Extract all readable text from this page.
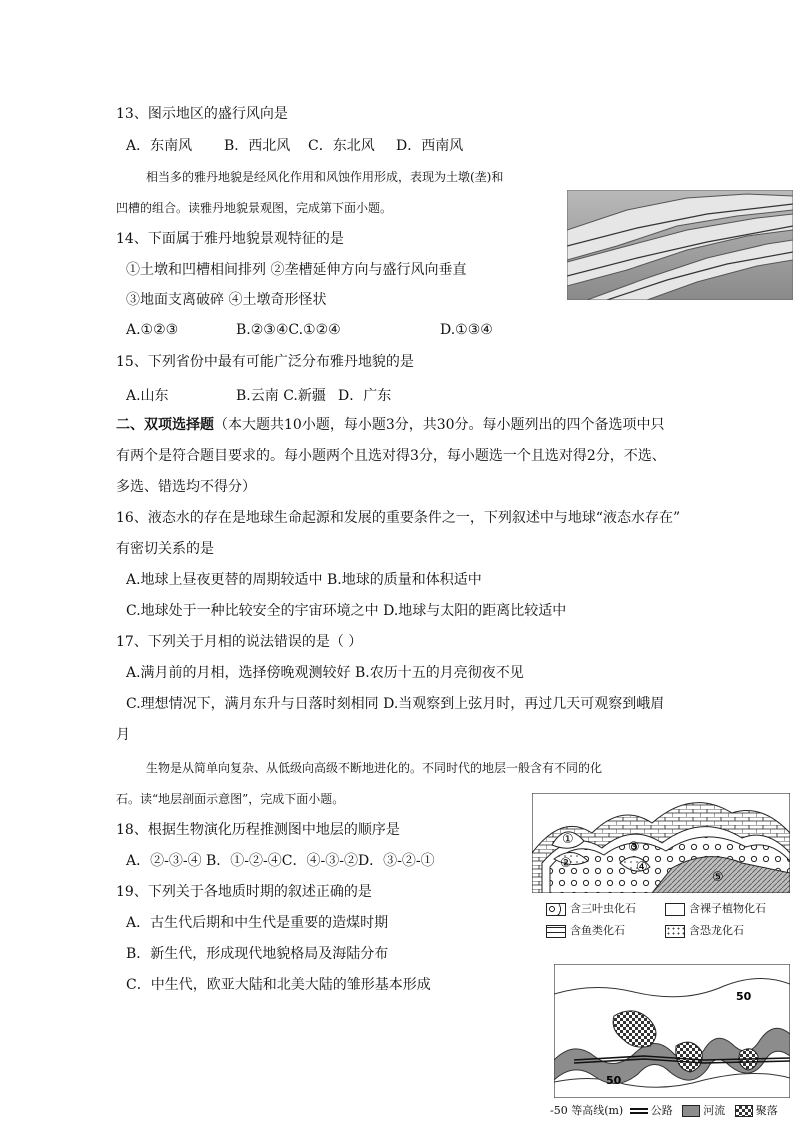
13、图示地区的盛行风向是
A．东南风 B．西北风 C．东北风 D．西南风
相当多的雅丹地貌是经风化作用和风蚀作用形成，表现为土墩(垄)和
凹槽的组合。读雅丹地貌景观图，完成第下面小题。
14、下面属于雅丹地貌景观特征的是
①土墩和凹槽相间排列 ②垄槽延伸方向与盛行风向垂直
③地面支离破碎 ④土墩奇形怪状
A.①②③	B.②③④C.①②④	D.①③④
15、下列省份中最有可能广泛分布雅丹地貌的是
A.山东	B.云南 C.新疆 D．广东
二、双项选择题（本大题共10小题，每小题3分，共30分。每小题列出的四个备选项中只
有两个是符合题目要求的。每小题两个且选对得3分，每小题选一个且选对得2分，不选、
多选、错选均不得分）
16、液态水的存在是地球生命起源和发展的重要条件之一，下列叙述中与地球“液态水存在”
有密切关系的是
A.地球上昼夜更替的周期较适中 B.地球的质量和体积适中
C.地球处于一种比较安全的宇宙环境之中 D.地球与太阳的距离比较适中
17、下列关于月相的说法错误的是（ ）
A.满月前的月相，选择傍晚观测较好 B.农历十五的月亮彻夜不见
C.理想情况下，满月东升与日落时刻相同 D.当观察到上弦月时，再过几天可观察到峨眉
月
生物是从简单向复杂、从低级向高级不断地进化的。不同时代的地层一般含有不同的化
石。读“地层剖面示意图”，完成下面小题。
18、根据生物演化历程推测图中地层的顺序是
A．②-③-④ B．①-②-④C．④-③-②D．③-②-①
19、下列关于各地质时期的叙述正确的是
A．古生代后期和中生代是重要的造煤时期
B．新生代，形成现代地貌格局及海陆分布
C．中生代，欧亚大陆和北美大陆的雏形基本形成
①
②
③
④
⑤
含三叶虫化石	含裸子植物化石
含鱼类化石	含恐龙化石
50
50
-50 等高线(m)	公路	河流	聚落
